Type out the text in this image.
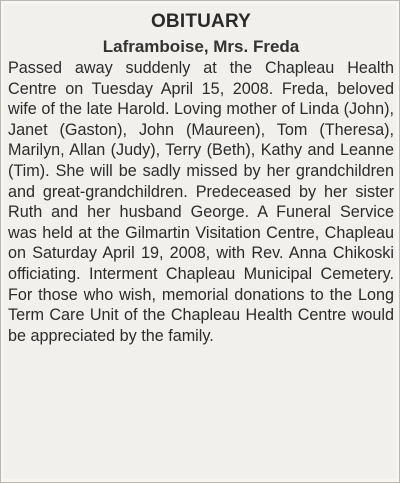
OBITUARY
Laframboise, Mrs. Freda
Passed away suddenly at the Chapleau Health Centre on Tuesday April 15, 2008. Freda, beloved wife of the late Harold. Loving mother of Linda (John), Janet (Gaston), John (Maureen), Tom (Theresa), Marilyn, Allan (Judy), Terry (Beth), Kathy and Leanne (Tim). She will be sadly missed by her grandchildren and great-grandchildren. Predeceased by her sister Ruth and her husband George. A Funeral Service was held at the Gilmartin Visitation Centre, Chapleau on Saturday April 19, 2008, with Rev. Anna Chikoski officiating. Interment Chapleau Municipal Cemetery. For those who wish, memorial donations to the Long Term Care Unit of the Chapleau Health Centre would be appreciated by the family.
